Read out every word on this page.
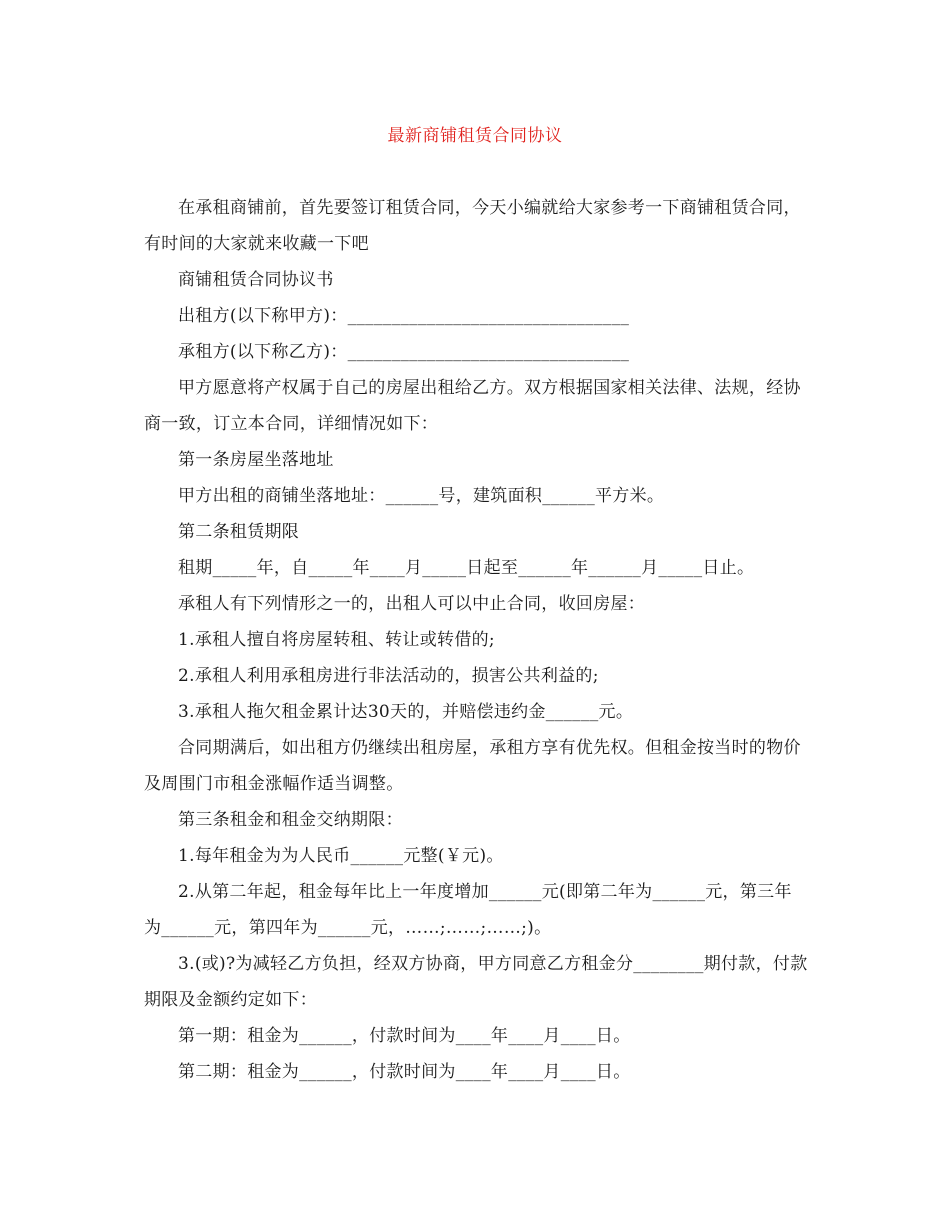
最新商铺租赁合同协议

在承租商铺前，首先要签订租赁合同，今天小编就给大家参考一下商铺租赁合同，有时间的大家就来收藏一下吧

商铺租赁合同协议书

出租方(以下称甲方)：________________________________

承租方(以下称乙方)：________________________________

甲方愿意将产权属于自己的房屋出租给乙方。双方根据国家相关法律、法规，经协商一致，订立本合同，详细情况如下：

第一条房屋坐落地址

甲方出租的商铺坐落地址：______号，建筑面积______平方米。

第二条租赁期限

租期_____年，自_____年____月_____日起至______年______月_____日止。

承租人有下列情形之一的，出租人可以中止合同，收回房屋：

1.承租人擅自将房屋转租、转让或转借的;

2.承租人利用承租房进行非法活动的，损害公共利益的;

3.承租人拖欠租金累计达30天的，并赔偿违约金______元。

合同期满后，如出租方仍继续出租房屋，承租方享有优先权。但租金按当时的物价及周围门市租金涨幅作适当调整。

第三条租金和租金交纳期限：

1.每年租金为为人民币______元整(￥元)。

2.从第二年起，租金每年比上一年度增加______元(即第二年为______元，第三年为______元，第四年为______元，……;……;……;)。

3.(或)?为减轻乙方负担，经双方协商，甲方同意乙方租金分________期付款，付款期限及金额约定如下：

第一期：租金为______，付款时间为____年____月____日。

第二期：租金为______，付款时间为____年____月____日。
